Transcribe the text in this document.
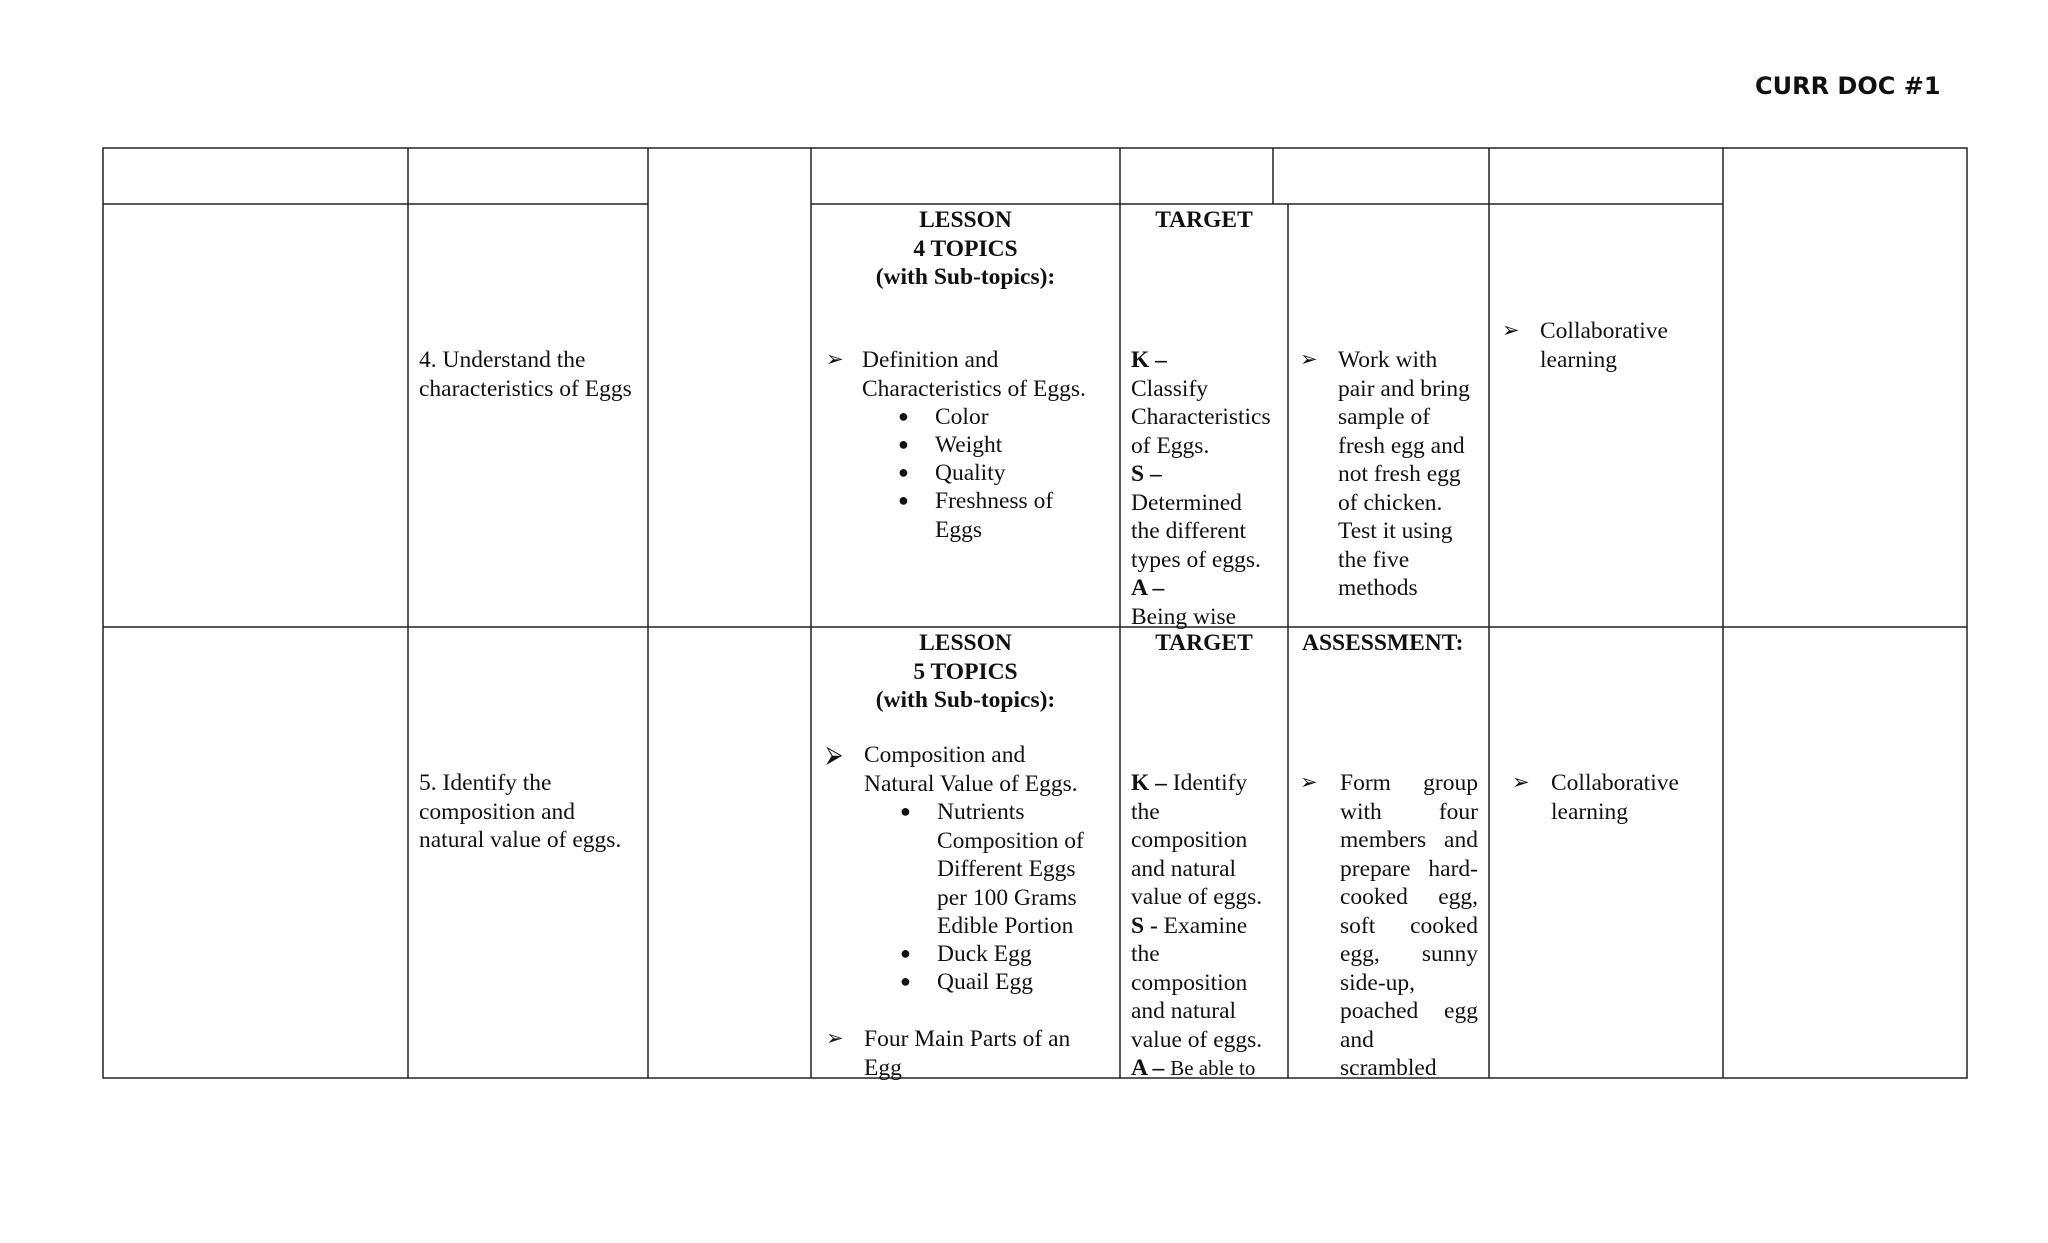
CURR DOC #1
4. Understand the characteristics of Eggs
LESSON
4 TOPICS
(with Sub-topics):
➢ Definition and
Characteristics of Eggs.
● Color
● Weight
● Quality
● Freshness of
Eggs
TARGET
K –
Classify
Characteristics
of Eggs.
S –
Determined
the different
types of eggs.
A –
Being wise
➢ Work with
pair and bring
sample of
fresh egg and
not fresh egg
of chicken.
Test it using
the five
methods
➢ Collaborative
learning
5. Identify the composition and natural value of eggs.
LESSON
5 TOPICS
(with Sub-topics):
⮚ Composition and
Natural Value of Eggs.
● Nutrients
Composition of
Different Eggs
per 100 Grams
Edible Portion
● Duck Egg
● Quail Egg
➢ Four Main Parts of an
Egg
TARGET
K – Identify
the
composition
and natural
value of eggs.
S - Examine
the
composition
and natural
value of eggs.
A – Be able to
ASSESSMENT:
➢ Form group
with four
members and
prepare hard-
cooked egg,
soft cooked
egg, sunny
side-up,
poached egg
and
scrambled
➢ Collaborative
learning
